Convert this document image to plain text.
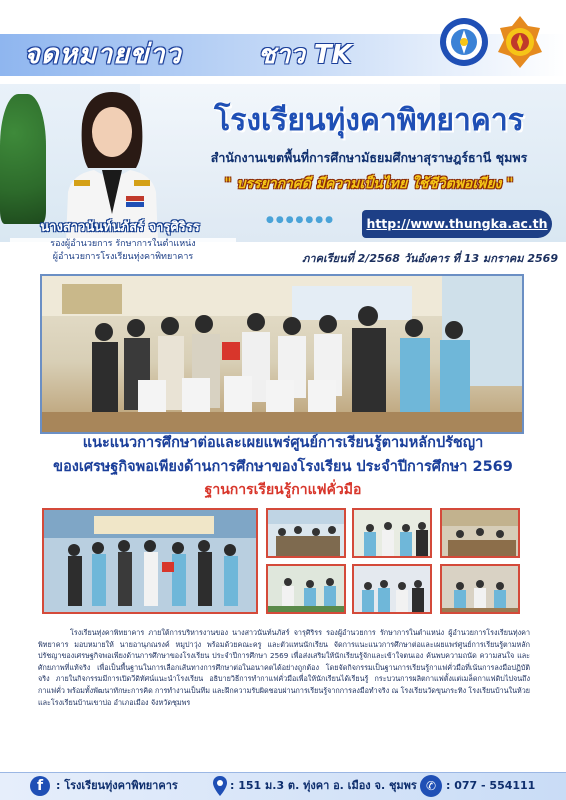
จดหมายข่าว	ชาว TK
โรงเรียนทุ่งคาพิทยาคาร
สำนักงานเขตพื้นที่การศึกษามัธยมศึกษาสุราษฎร์ธานี ชุมพร
" บรรยากาศดี มีความเป็นไทย ใช้ชีวิตพอเพียง "
●●●●●●●	http://www.thungka.ac.th
นางสาวนันท์นภัสร์ จารุศิริรร
รองผู้อำนวยการ รักษาการในตำแหน่ง
ผู้อำนวยการโรงเรียนทุ่งคาพิทยาคาร	ภาคเรียนที่ 2/2568 วันอังคาร ที่ 13 มกราคม 2569
แนะแนวการศึกษาต่อและเผยแพร่ศูนย์การเรียนรู้ตามหลักปรัชญา
ของเศรษฐกิจพอเพียงด้านการศึกษาของโรงเรียน ประจำปีการศึกษา 2569
ฐานการเรียนรู้กาแฟคั่วมือ

โรงเรียนทุ่งคาพิทยาคาร ภายใต้การบริหารงานของ นางสาวนันท์นภัสร์ จารุศิริรร รองผู้อำนวยการ รักษาการในตำแหน่ง ผู้อำนวยการโรงเรียนทุ่งคาพิทยาคาร มอบหมายให้ นายอานุภณรงค์ หมูปาวุ่ง พร้อมด้วยคณะครู และตัวแทนนักเรียน จัดการแนะแนวการศึกษาต่อและเผยแพร่ศูนย์การเรียนรู้ตามหลักปรัชญาของเศรษฐกิจพอเพียงด้านการศึกษาของโรงเรียน ประจำปีการศึกษา 2569 เพื่อส่งเสริมให้นักเรียนรู้จักและเข้าใจตนเอง ค้นพบความถนัด ความสนใจ และศักยภาพที่แท้จริง เพื่อเป็นพื้นฐานในการเลือกเส้นทางการศึกษาต่อในอนาคตได้อย่างถูกต้อง โดยจัดกิจกรรมเป็นฐานการเรียนรู้กาแฟคั่วมือที่เน้นการลงมือปฏิบัติจริง ภายในกิจกรรมมีการเปิดวีดิทัศน์แนะนำโรงเรียน อธิบายวิธีการทำกาแฟคั่วมือเพื่อให้นักเรียนได้เรียนรู้ กระบวนการผลิตกาแฟตั้งแต่เมล็ดกาแฟดิบไปจนถึงกาแฟคั่ว พร้อมทั้งพัฒนาทักษะการคิด การทำงานเป็นทีม และฝึกความรับผิดชอบผ่านการเรียนรู้จากการลงมือทำจริง ณ โรงเรียนวัดขุนกระทิง โรงเรียนบ้านในห้วย และโรงเรียนบ้านเขาบ่อ อำเภอเมือง จังหวัดชุมพร

f	: โรงเรียนทุ่งคาพิทยาคาร	: 151 ม.3 ต. ทุ่งคา อ. เมือง จ. ชุมพร ✆ : 077 - 554111
